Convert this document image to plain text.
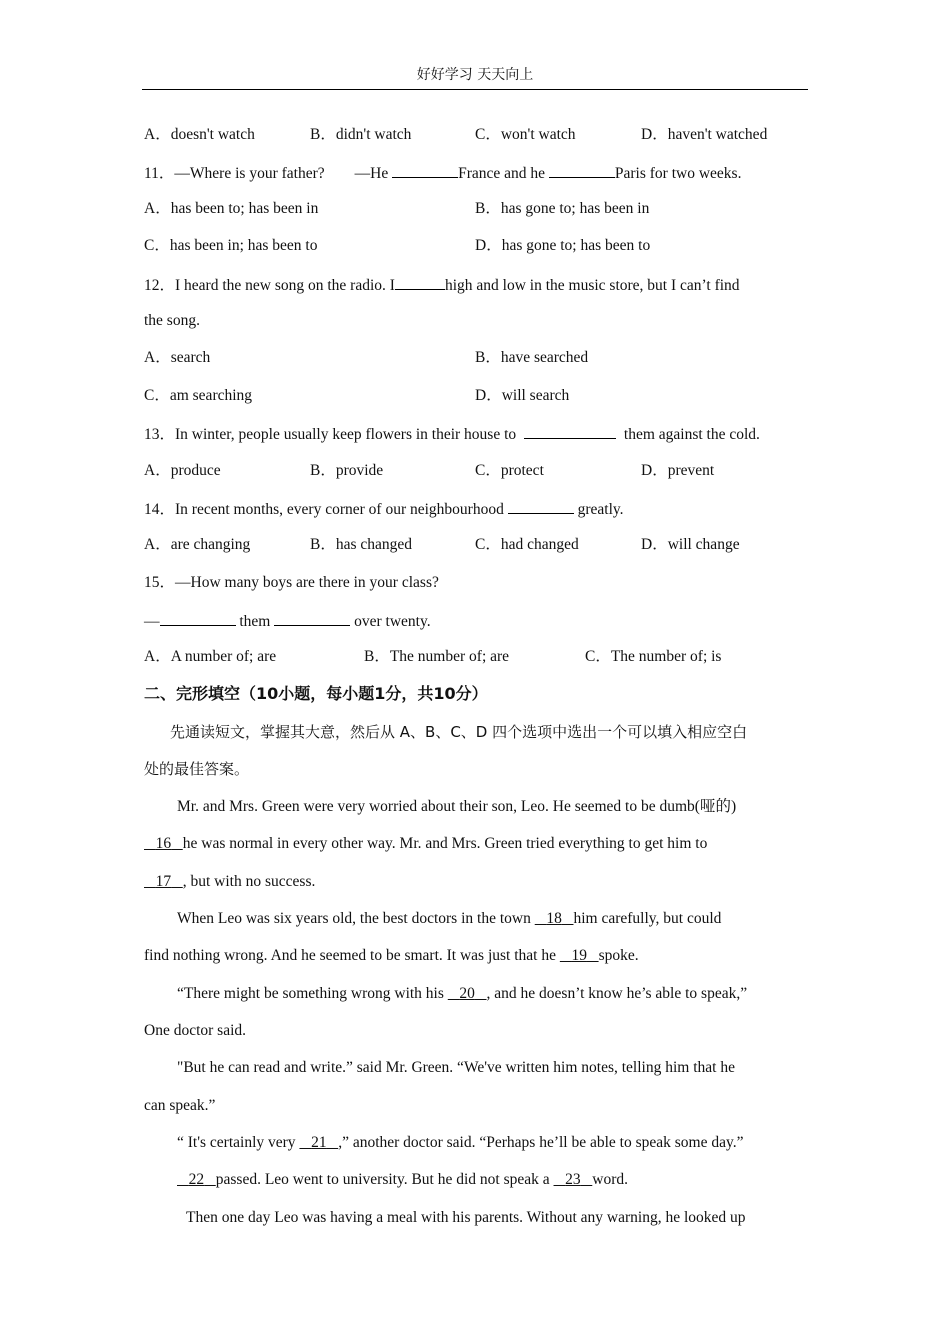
好好学习 天天向上
A．doesn't watch	B．didn't watch	C．won't watch	D．haven't watched
11．—Where is your father? —He	France and he	Paris for two weeks.
A．has been to; has been in	B．has gone to; has been in
C．has been in; has been to	D．has gone to; has been to
12．I heard the new song on the radio. I	high and low in the music store, but I can’t find
the song.
A．search	B．have searched
C．am searching	D．will search
13．In winter, people usually keep flowers in their house to	them against the cold.
A．produce	B．provide	C．protect	D．prevent
14．In recent months, every corner of our neighbourhood	greatly.
A．are changing	B．has changed	C．had changed	D．will change
15．—How many boys are there in your class?
—	them	over twenty.
A．A number of; are	B．The number of; are	C．The number of; is
二、完形填空（10小题，每小题1分，共10分）
先通读短文，掌握其大意，然后从 A、B、C、D 四个选项中选出一个可以填入相应空白
处的最佳答案。
Mr. and Mrs. Green were very worried about their son, Leo. He seemed to be dumb(哑的)
16 he was normal in every other way. Mr. and Mrs. Green tried everything to get him to
17 , but with no success.
When Leo was six years old, the best doctors in the town 18 him carefully, but could
find nothing wrong. And he seemed to be smart. It was just that he 19 spoke.
“There might be something wrong with his 20 , and he doesn’t know he’s able to speak,”
One doctor said.
"But he can read and write.” said Mr. Green. “We've written him notes, telling him that he
can speak.”
“ It's certainly very 21 ,” another doctor said. “Perhaps he’ll be able to speak some day.”
22 passed. Leo went to university. But he did not speak a 23 word.
Then one day Leo was having a meal with his parents. Without any warning, he looked up
